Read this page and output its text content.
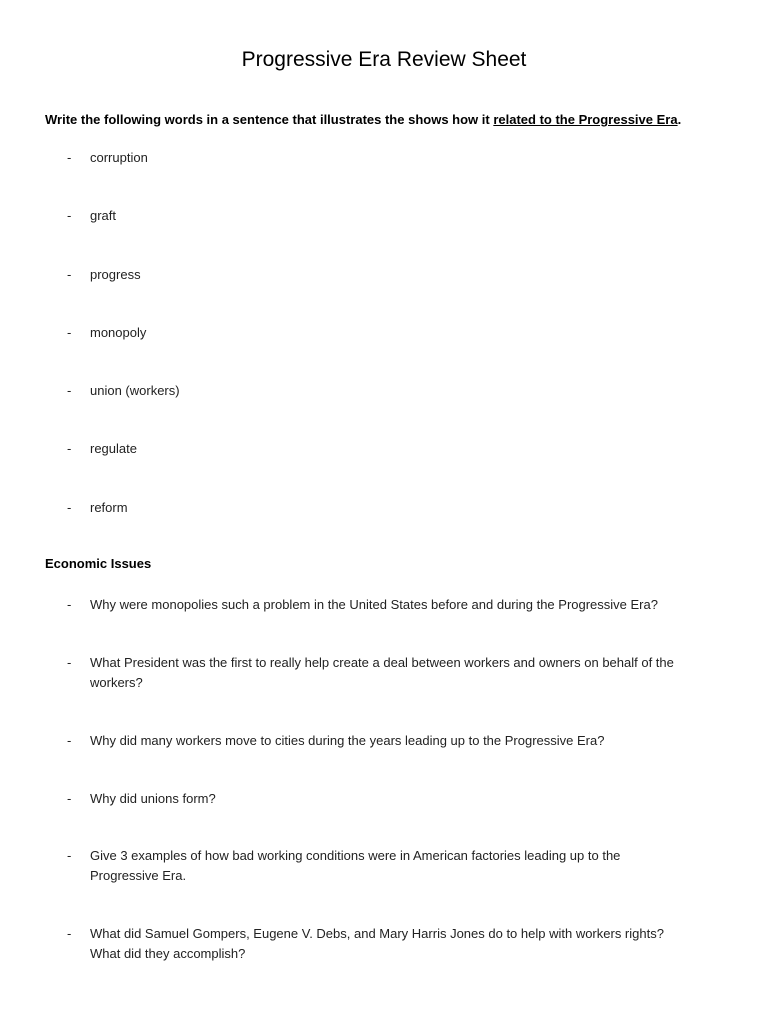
Progressive Era Review Sheet

Write the following words in a sentence that illustrates the shows how it related to the Progressive Era.

- corruption
- graft
- progress
- monopoly
- union (workers)
- regulate
- reform

Economic Issues

- Why were monopolies such a problem in the United States before and during the Progressive Era?
- What President was the first to really help create a deal between workers and owners on behalf of the
workers?
- Why did many workers move to cities during the years leading up to the Progressive Era?
- Why did unions form?
- Give 3 examples of how bad working conditions were in American factories leading up to the
Progressive Era.
- What did Samuel Gompers, Eugene V. Debs, and Mary Harris Jones do to help with workers rights?
What did they accomplish?
